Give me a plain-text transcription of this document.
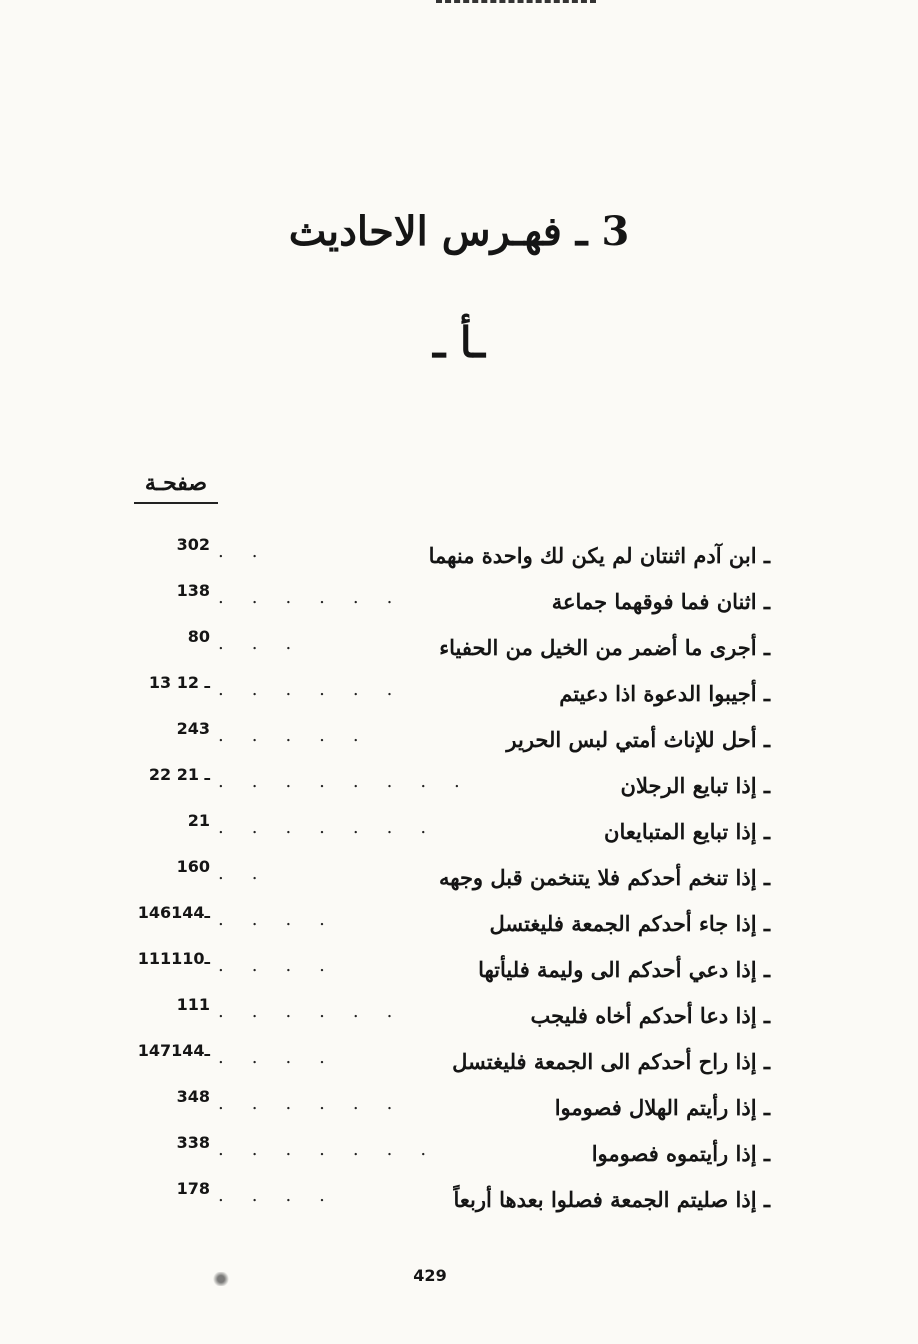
3 ـ فهـرس الاحاديث
ـأ ـ
صفحـة
ـ ابن آدم اثنتان لم يكن لك واحدة منهما
..
302
ـ اثنان فما فوقهما جماعة
......
138
ـ أجرى ما أضمر من الخيل من الحفياء
...
80
ـ أجيبوا الدعوة اذا دعيتم
......
13 ـ 12
ـ أحل للإناث أمتي لبس الحرير
.....
243
ـ إذا تبايع الرجلان
........
22 ـ 21
ـ إذا تبايع المتبايعان
.......
21
ـ إذا تنخم أحدكم فلا يتنخمن قبل وجهه
..
160
ـ إذا جاء أحدكم الجمعة فليغتسل
....
146ـ144
ـ إذا دعي أحدكم الى وليمة فليأتها
....
111ـ110
ـ إذا دعا أحدكم أخاه فليجب
......
111
ـ إذا راح أحدكم الى الجمعة فليغتسل
....
147ـ144
ـ إذا رأيتم الهلال فصوموا
......
348
ـ إذا رأيتموه فصوموا
.......
338
ـ إذا صليتم الجمعة فصلوا بعدها أربعاً
....
178
429
